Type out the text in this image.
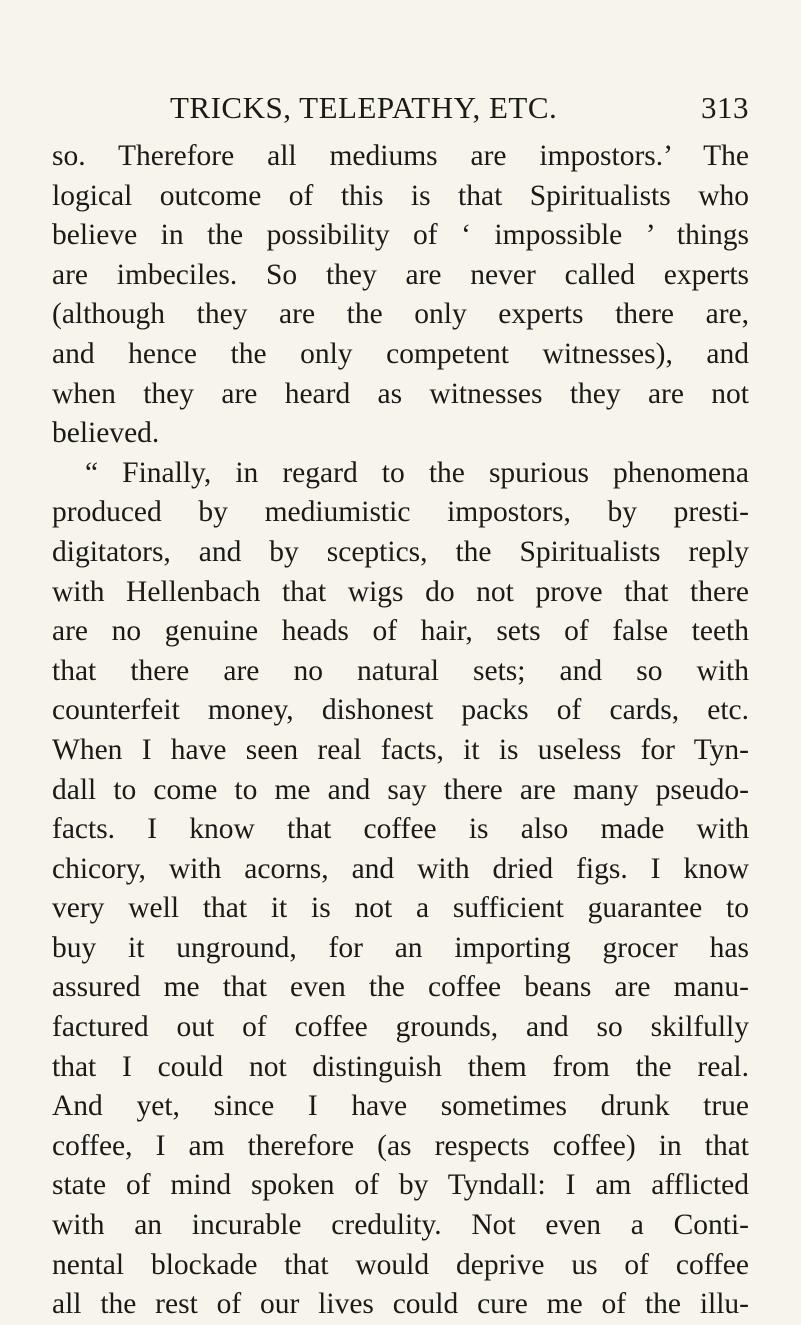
TRICKS, TELEPATHY, ETC.	313
so. Therefore all mediums are impostors.’ The
logical outcome of this is that Spiritualists who
believe in the possibility of ‘ impossible ’ things
are imbeciles. So they are never called experts
(although they are the only experts there are,
and hence the only competent witnesses), and
when they are heard as witnesses they are not
believed.
“ Finally, in regard to the spurious phenomena
produced by mediumistic impostors, by presti-
digitators, and by sceptics, the Spiritualists reply
with Hellenbach that wigs do not prove that there
are no genuine heads of hair, sets of false teeth
that there are no natural sets; and so with
counterfeit money, dishonest packs of cards, etc.
When I have seen real facts, it is useless for Tyn-
dall to come to me and say there are many pseudo-
facts. I know that coffee is also made with
chicory, with acorns, and with dried figs. I know
very well that it is not a sufficient guarantee to
buy it unground, for an importing grocer has
assured me that even the coffee beans are manu-
factured out of coffee grounds, and so skilfully
that I could not distinguish them from the real.
And yet, since I have sometimes drunk true
coffee, I am therefore (as respects coffee) in that
state of mind spoken of by Tyndall: I am afflicted
with an incurable credulity. Not even a Conti-
nental blockade that would deprive us of coffee
all the rest of our lives could cure me of the illu-
